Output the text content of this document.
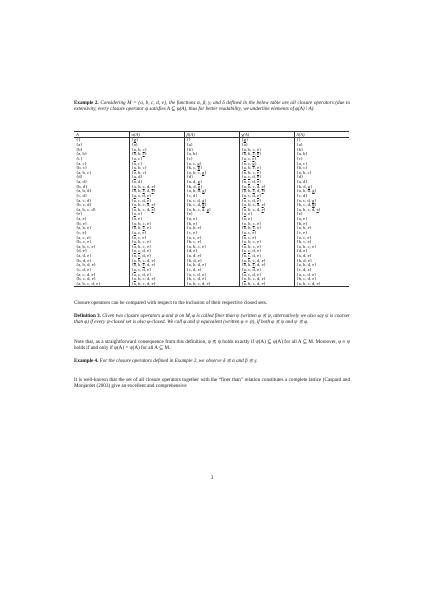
Example 2. Considering M = {a, b, c, d, e}, the functions α, β, γ, and δ defined in the below table are all closure operators (due to extensivity, every closure operator φ satisfies A ⊆ φ(A), thus for better readability, we underline elements of φ(A) \ A).
A	α(A)	β(A)	γ(A)	δ(A)
{}	{g}	{}	{g}	{}
{a}	{a}	{a}	{a}	{a}
{b}	{a, b, c}	{b}	{a, b, c, e}	{b}
{a, b}	{a, b, c}	{a, b}	{a, b, c, e}	{a, b}
{c}	{a, c}	{c}	{a, c, e}	{c}
{a, c}	{a, c}	{a, c, g}	{a, c, g}	{a, c}
{b, c}	{a, b, c}	{b, c, g}	{a, b, c, e}	{b, c}
{a, b, c}	{a, b, c}	{a, b, c, g}	{a, b, c, e}	{a, b, c}
{d}	{a, d}	{d}	{a, c, d, e}	{d}
{a, d}	{a, d}	{a, d, g}	{a, c, d, e}	{a, d}
{b, d}	{a, b, c, d, e}	{b, d, g}	{a, b, c, d, e}	{b, d, g}
{a, b, d}	{a, b, c, d, e}	{a, b, d, g}	{a, b, c, d, e}	{a, b, d, g}
{c, d}	{a, c, d, e}	{c, d}	{a, c, d, e}	{c, d}
{a, c, d}	{a, c, d, e}	{a, c, d, g}	{a, c, d, e}	{a, c, d, g}
{b, c, d}	{a, b, c, d, e}	{b, c, d, g}	{a, b, c, d, e}	{b, c, d, g}
{a, b, c, d}	{a, b, c, d, e}	{a, b, c, d, g}	{a, b, c, d, e}	{a, b, c, d, e}
{e}	{a, e}	{e}	{a, e}	{e}
{a, e}	{a, e}	{a, e}	{a, e}	{a, e}
{b, e}	{a, b, c, e}	{b, e}	{a, b, c, e}	{b, e}
{a, b, e}	{a, b, c, e}	{a, b, e}	{a, b, c, e}	{a, b, e}
{c, e}	{a, c, e}	{c, e}	{a, c, e}	{c, e}
{a, c, e}	{a, c, e}	{a, c, e}	{a, c, e}	{a, c, e}
{b, c, e}	{a, b, c, e}	{b, c, e}	{a, b, c, e}	{b, c, e}
{a, b, c, e}	{a, b, c, e}	{a, b, c, e}	{a, b, c, e}	{a, b, c, e}
{d, e}	{a, c, d, e}	{d, e}	{a, c, d, e}	{d, e}
{a, d, e}	{a, c, d, e}	{a, d, e}	{a, c, d, e}	{a, d, e}
{b, d, e}	{a, b, c, d, e}	{b, d, e}	{a, b, c, d, e}	{b, d, e}
{a, b, d, e}	{a, b, c, d, e}	{a, b, d, e}	{a, b, c, d, e}	{a, b, d, e}
{c, d, e}	{a, c, d, e}	{c, d, e}	{a, c, d, e}	{c, d, e}
{a, c, d, e}	{a, c, d, e}	{a, c, d, e}	{a, c, d, e}	{a, c, d, e}
{b, c, d, e}	{a, b, c, d, e}	{b, c, d, e}	{a, b, c, d, e}	{b, c, d, e}
{a, b, c, d, e}	{a, b, c, d, e}	{a, b, c, d, e}	{a, b, c, d, e}	{a, b, c, d, e}
Closure operators can be compared with respect to the inclusion of their respective closed sets.
Definition 3. Given two closure operators φ and ψ on M, φ is called finer than ψ (written φ ⪯ ψ, alternatively we also say ψ is coarser than φ) if every ψ-closed set is also φ-closed. We call φ and ψ equivalent (written φ ≡ ψ), if both φ ⪯ ψ and ψ ⪯ φ.
Note that, as a straightforward consequence from this definition, φ ⪯ ψ holds exactly if ψ(A) ⊆ φ(A) for all A ⊆ M. Moreover, φ ≡ ψ holds if and only if φ(A) = ψ(A) for all A ⊆ M.
Example 4. For the closure operators defined in Example 2, we observe δ ⪯ α and β ⪯ γ.
It is well-known that the set of all closure operators together with the “finer than” relation constitutes a complete lattice (Caspard and Monjardet (2003) give an excellent and comprehensive
3
